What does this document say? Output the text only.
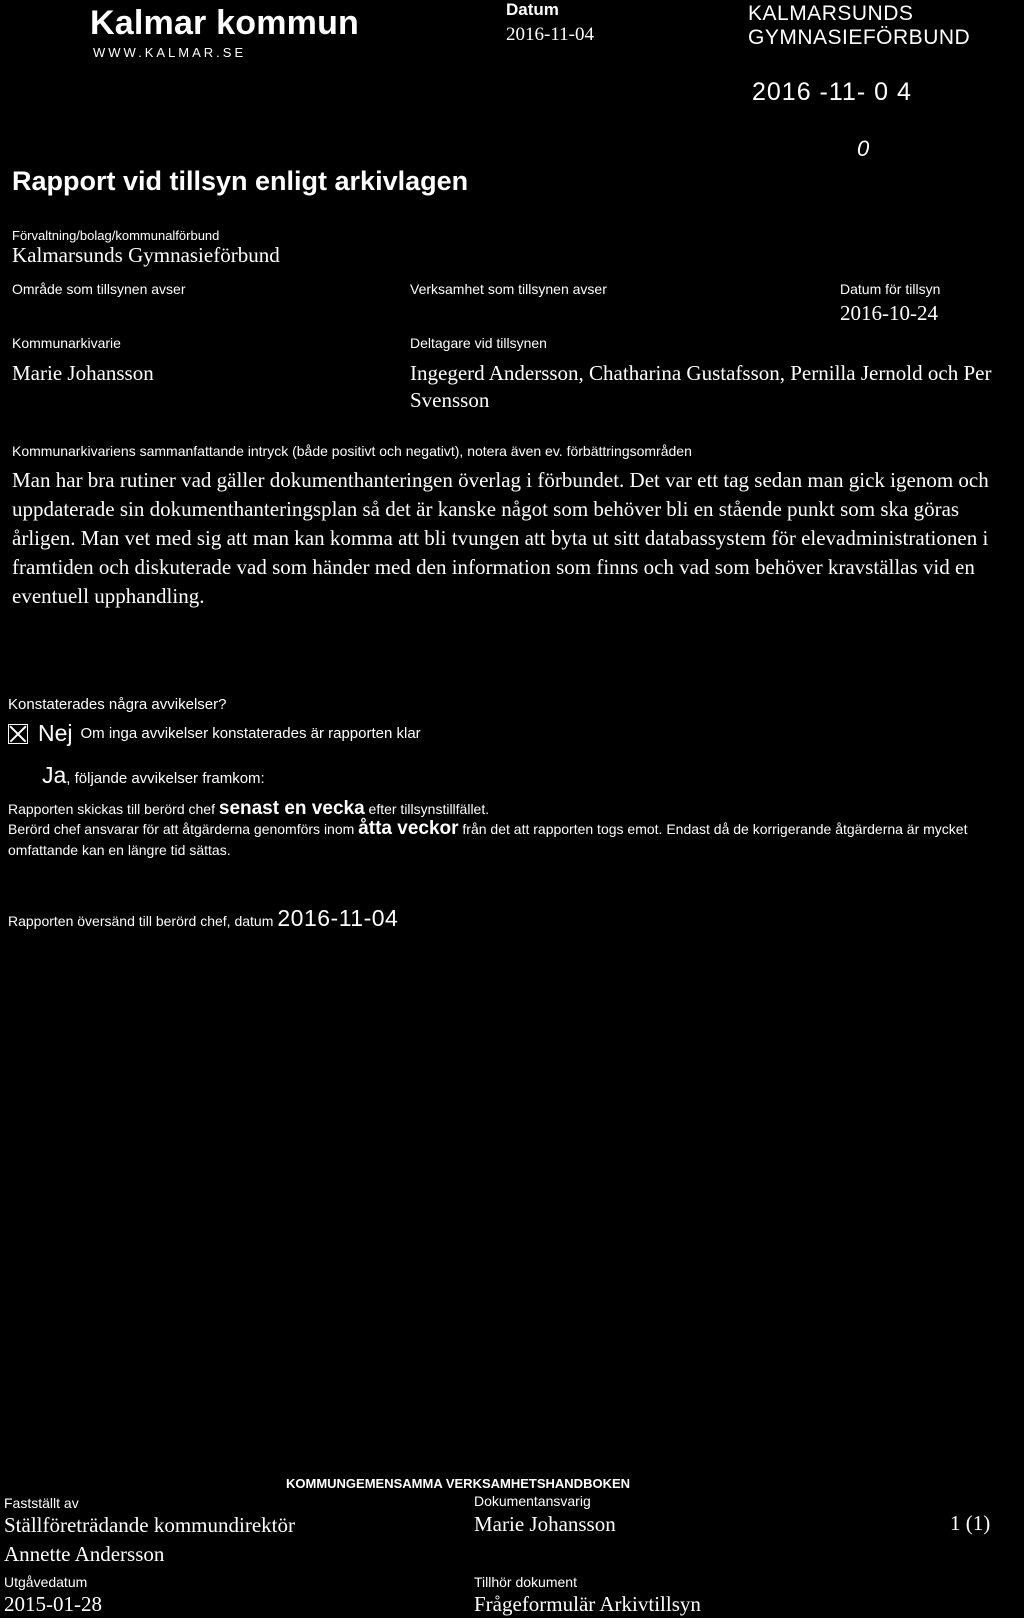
Kalmar kommun
WWW.KALMAR.SE
Datum
2016-11-04
KALMARSUNDS
GYMNASIEFÖRBUND
2016 -11- 0 4
0
Rapport vid tillsyn enligt arkivlagen
Förvaltning/bolag/kommunalförbund
Kalmarsunds Gymnasieförbund
Område som tillsynen avser	Verksamhet som tillsynen avser	Datum för tillsyn
2016-10-24
Kommunarkivarie
Marie Johansson
Deltagare vid tillsynen
Ingegerd Andersson, Chatharina Gustafsson, Pernilla Jernold och Per Svensson
Kommunarkivariens sammanfattande intryck (både positivt och negativt), notera även ev. förbättringsområden
Man har bra rutiner vad gäller dokumenthanteringen överlag i förbundet. Det var ett tag sedan man gick igenom och uppdaterade sin dokumenthanteringsplan så det är kanske något som behöver bli en stående punkt som ska göras årligen. Man vet med sig att man kan komma att bli tvungen att byta ut sitt databassystem för elevadministrationen i framtiden och diskuterade vad som händer med den information som finns och vad som behöver kravställas vid en eventuell upphandling.
Konstaterades några avvikelser?
Nej Om inga avvikelser konstaterades är rapporten klar
Ja , följande avvikelser framkom:
Rapporten skickas till berörd chef senast en vecka efter tillsynstillfället.
Berörd chef ansvarar för att åtgärderna genomförs inom åtta veckor från det att rapporten togs emot. Endast då de korrigerande åtgärderna är mycket omfattande kan en längre tid sättas.
Rapporten översänd till berörd chef, datum 2016-11-04
KOMMUNGEMENSAMMA VERKSAMHETSHANDBOKEN
Fastställt av
Ställföreträdande kommundirektör
Annette Andersson
Dokumentansvarig
Marie Johansson	1 (1)
Utgåvedatum
2015-01-28
Tillhör dokument
Frågeformulär Arkivtillsyn
